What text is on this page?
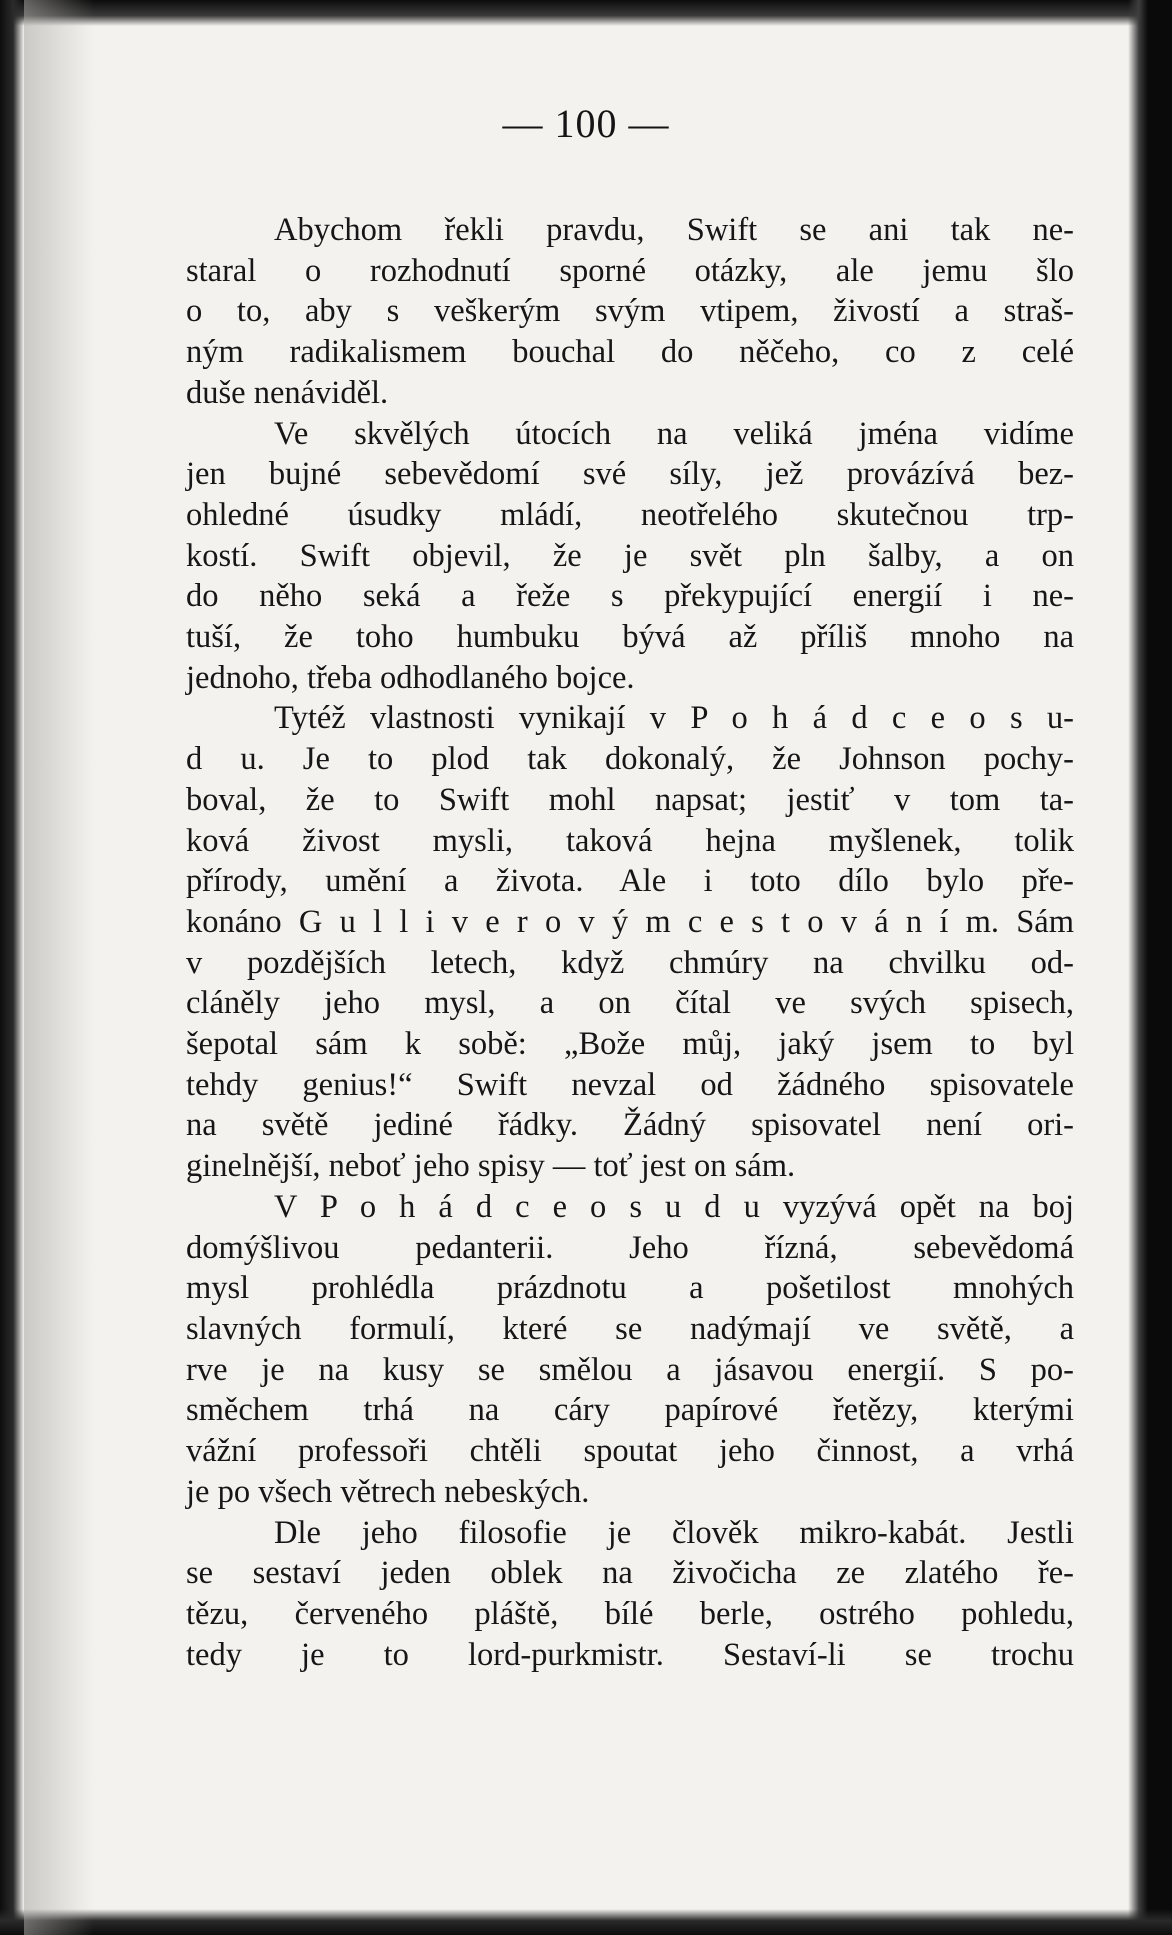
— 100 —
Abychom řekli pravdu, Swift se ani tak ne-
staral o rozhodnutí sporné otázky, ale jemu šlo
o to, aby s veškerým svým vtipem, živostí a straš-
ným radikalismem bouchal do něčeho, co z celé
duše nenáviděl.
Ve skvělých útocích na veliká jména vidíme
jen bujné sebevědomí své síly, jež provázívá bez-
ohledné úsudky mládí, neotřelého skutečnou trp-
kostí. Swift objevil, že je svět pln šalby, a on
do něho seká a řeže s překypující energií i ne-
tuší, že toho humbuku bývá až příliš mnoho na
jednoho, třeba odhodlaného bojce.
Tytéž vlastnosti vynikají v P o h á d c e o s u-
d u. Je to plod tak dokonalý, že Johnson pochy-
boval, že to Swift mohl napsat; jestiť v tom ta-
ková živost mysli, taková hejna myšlenek, tolik
přírody, umění a života. Ale i toto dílo bylo pře-
konáno G u l l i v e r o v ý m c e s t o v á n í m. Sám
v pozdějších letech, když chmúry na chvilku od-
cláněly jeho mysl, a on čítal ve svých spisech,
šepotal sám k sobě: „Bože můj, jaký jsem to byl
tehdy genius!“ Swift nevzal od žádného spisovatele
na světě jediné řádky. Žádný spisovatel není ori-
ginelnější, neboť jeho spisy — toť jest on sám.
V P o h á d c e o s u d u vyzývá opět na boj
domýšlivou pedanterii. Jeho řízná, sebevědomá
mysl prohlédla prázdnotu a pošetilost mnohých
slavných formulí, které se nadýmají ve světě, a
rve je na kusy se smělou a jásavou energií. S po-
směchem trhá na cáry papírové řetězy, kterými
vážní professoři chtěli spoutat jeho činnost, a vrhá
je po všech větrech nebeských.
Dle jeho filosofie je člověk mikro-kabát. Jestli
se sestaví jeden oblek na živočicha ze zlatého ře-
tězu, červeného pláště, bílé berle, ostrého pohledu,
tedy je to lord-purkmistr. Sestaví-li se trochu
